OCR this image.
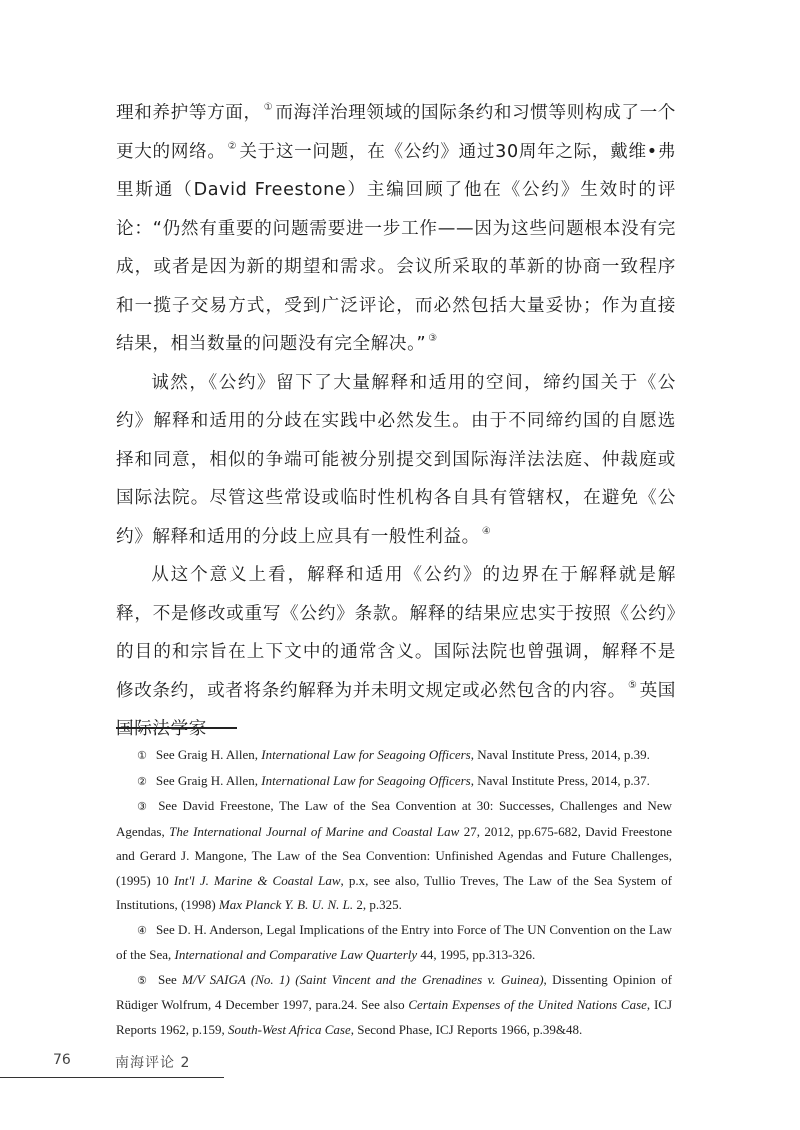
理和养护等方面， ① 而海洋治理领域的国际条约和习惯等则构成了一个更大的网络。 ② 关于这一问题，在《公约》通过30周年之际，戴维•弗里斯通（David Freestone）主编回顾了他在《公约》生效时的评论：“仍然有重要的问题需要进一步工作——因为这些问题根本没有完成，或者是因为新的期望和需求。会议所采取的革新的协商一致程序和一揽子交易方式，受到广泛评论，而必然包括大量妥协；作为直接结果，相当数量的问题没有完全解决。” ③

诚然，《公约》留下了大量解释和适用的空间，缔约国关于《公约》解释和适用的分歧在实践中必然发生。由于不同缔约国的自愿选择和同意，相似的争端可能被分别提交到国际海洋法法庭、仲裁庭或国际法院。尽管这些常设或临时性机构各自具有管辖权，在避免《公约》解释和适用的分歧上应具有一般性利益。 ④

从这个意义上看，解释和适用《公约》的边界在于解释就是解释，不是修改或重写《公约》条款。解释的结果应忠实于按照《公约》的目的和宗旨在上下文中的通常含义。国际法院也曾强调，解释不是修改条约，或者将条约解释为并未明文规定或必然包含的内容。 ⑤ 英国国际法学家

① See Graig H. Allen, International Law for Seagoing Officers, Naval Institute Press, 2014, p.39.

② See Graig H. Allen, International Law for Seagoing Officers, Naval Institute Press, 2014, p.37.

③ See David Freestone, The Law of the Sea Convention at 30: Successes, Challenges and New Agendas, The International Journal of Marine and Coastal Law 27, 2012, pp.675-682, David Freestone and Gerard J. Mangone, The Law of the Sea Convention: Unfinished Agendas and Future Challenges, (1995) 10 Int'l J. Marine & Coastal Law, p.x, see also, Tullio Treves, The Law of the Sea System of Institutions, (1998) Max Planck Y. B. U. N. L. 2, p.325.

④ See D. H. Anderson, Legal Implications of the Entry into Force of The UN Convention on the Law of the Sea, International and Comparative Law Quarterly 44, 1995, pp.313-326.

⑤ See M/V SAIGA (No. 1) (Saint Vincent and the Grenadines v. Guinea), Dissenting Opinion of Rüdiger Wolfrum, 4 December 1997, para.24. See also Certain Expenses of the United Nations Case, ICJ Reports 1962, p.159, South-West Africa Case, Second Phase, ICJ Reports 1966, p.39&48.

76	南海评论 2
